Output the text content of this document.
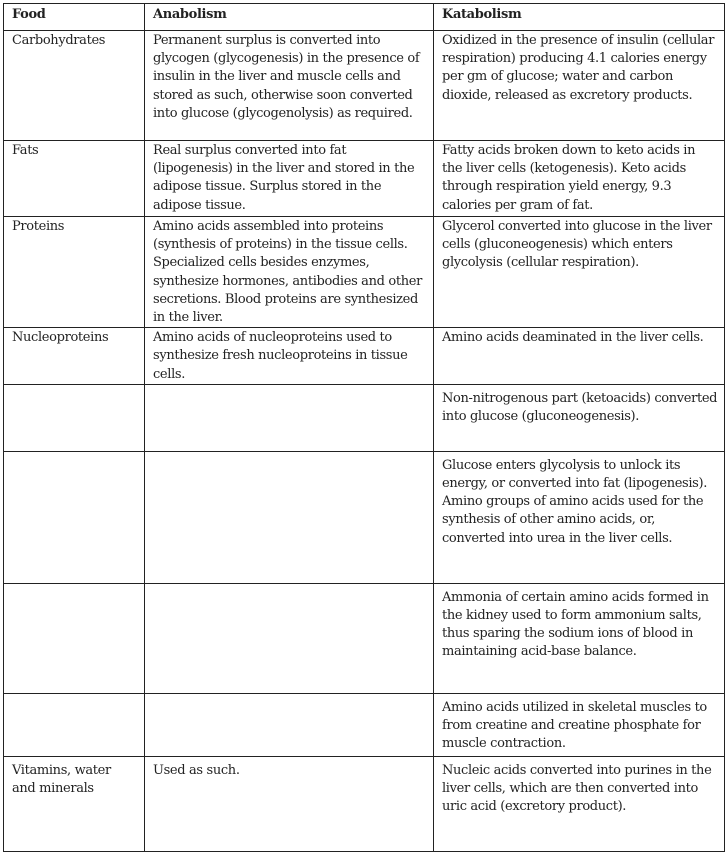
Food	Anabolism	Katabolism
Carbohydrates	Permanent surplus is converted into glycogen (glycogenesis) in the presence of insulin in the liver and muscle cells and stored as such, otherwise soon converted into glucose (glycogenolysis) as required.	Oxidized in the presence of insulin (cellular respiration) producing 4.1 calories energy per gm of glucose; water and carbon dioxide, released as excretory products.
Fats	Real surplus converted into fat (lipogenesis) in the liver and stored in the adipose tissue. Surplus stored in the adipose tissue.	Fatty acids broken down to keto acids in the liver cells (ketogenesis). Keto acids through respiration yield energy, 9.3 calories per gram of fat.
Proteins	Amino acids assembled into proteins (synthesis of proteins) in the tissue cells. Specialized cells besides enzymes, synthesize hormones, antibodies and other secretions. Blood proteins are synthesized in the liver.	Glycerol converted into glucose in the liver cells (gluconeogenesis) which enters glycolysis (cellular respiration).
Nucleoproteins	Amino acids of nucleoproteins used to synthesize fresh nucleoproteins in tissue cells.	Amino acids deaminated in the liver cells.
		Non-nitrogenous part (ketoacids) converted into glucose (gluconeogenesis).
		Glucose enters glycolysis to unlock its energy, or converted into fat (lipogenesis). Amino groups of amino acids used for the synthesis of other amino acids, or, converted into urea in the liver cells.
		Ammonia of certain amino acids formed in the kidney used to form ammonium salts, thus sparing the sodium ions of blood in maintaining acid-base balance.
		Amino acids utilized in skeletal muscles to from creatine and creatine phosphate for muscle contraction.
Vitamins, water and minerals	Used as such.	Nucleic acids converted into purines in the liver cells, which are then converted into uric acid (excretory product).
